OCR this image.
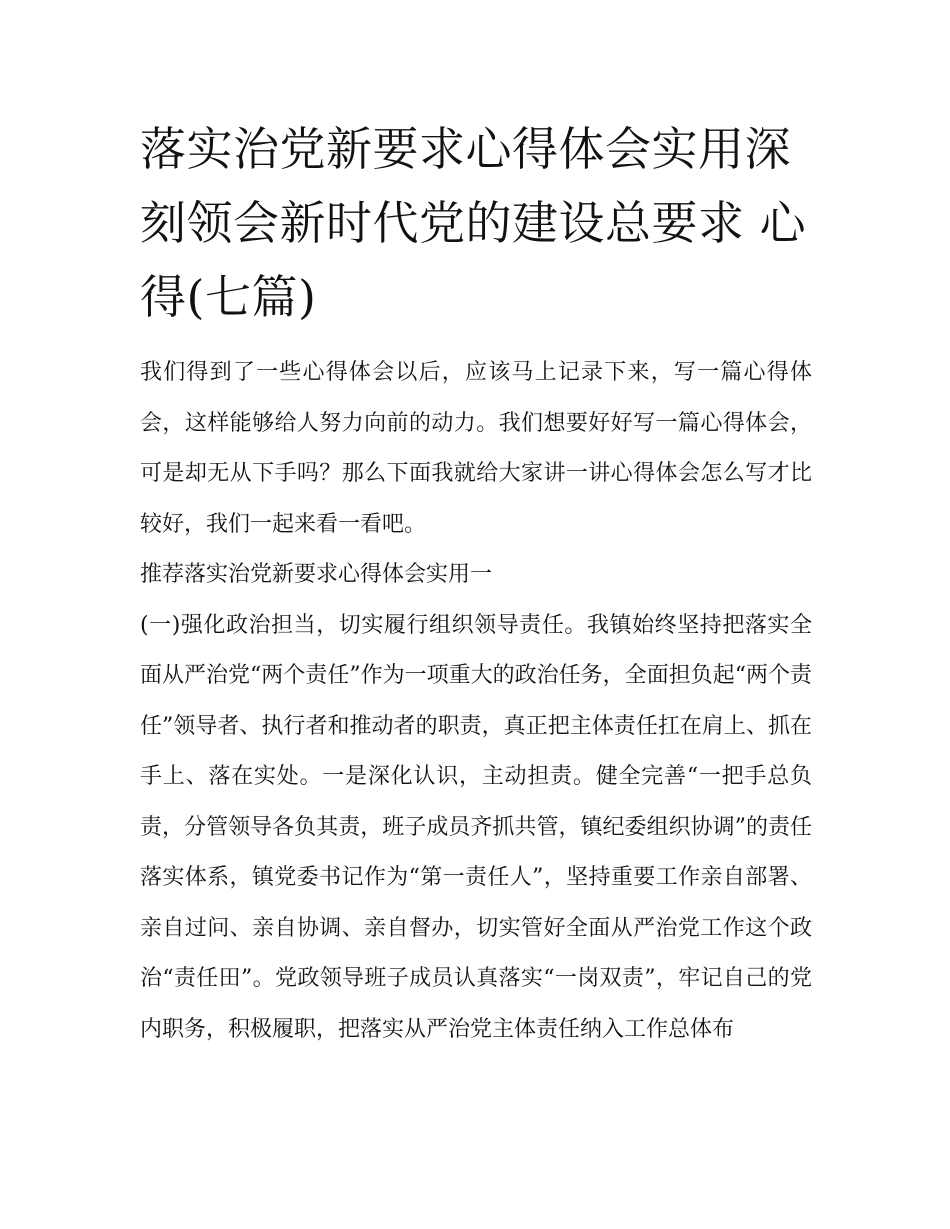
落实治党新要求心得体会实用深刻领会新时代党的建设总要求 心得(七篇)

我们得到了一些心得体会以后，应该马上记录下来，写一篇心得体会，这样能够给人努力向前的动力。我们想要好好写一篇心得体会，可是却无从下手吗？那么下面我就给大家讲一讲心得体会怎么写才比较好，我们一起来看一看吧。

推荐落实治党新要求心得体会实用一

(一)强化政治担当，切实履行组织领导责任。我镇始终坚持把落实全面从严治党“两个责任”作为一项重大的政治任务，全面担负起“两个责任”领导者、执行者和推动者的职责，真正把主体责任扛在肩上、抓在手上、落在实处。一是深化认识，主动担责。健全完善“一把手总负责，分管领导各负其责，班子成员齐抓共管，镇纪委组织协调”的责任落实体系，镇党委书记作为“第一责任人”，坚持重要工作亲自部署、亲自过问、亲自协调、亲自督办，切实管好全面从严治党工作这个政治“责任田”。党政领导班子成员认真落实“一岗双责”，牢记自己的党内职务，积极履职，把落实从严治党主体责任纳入工作总体布
